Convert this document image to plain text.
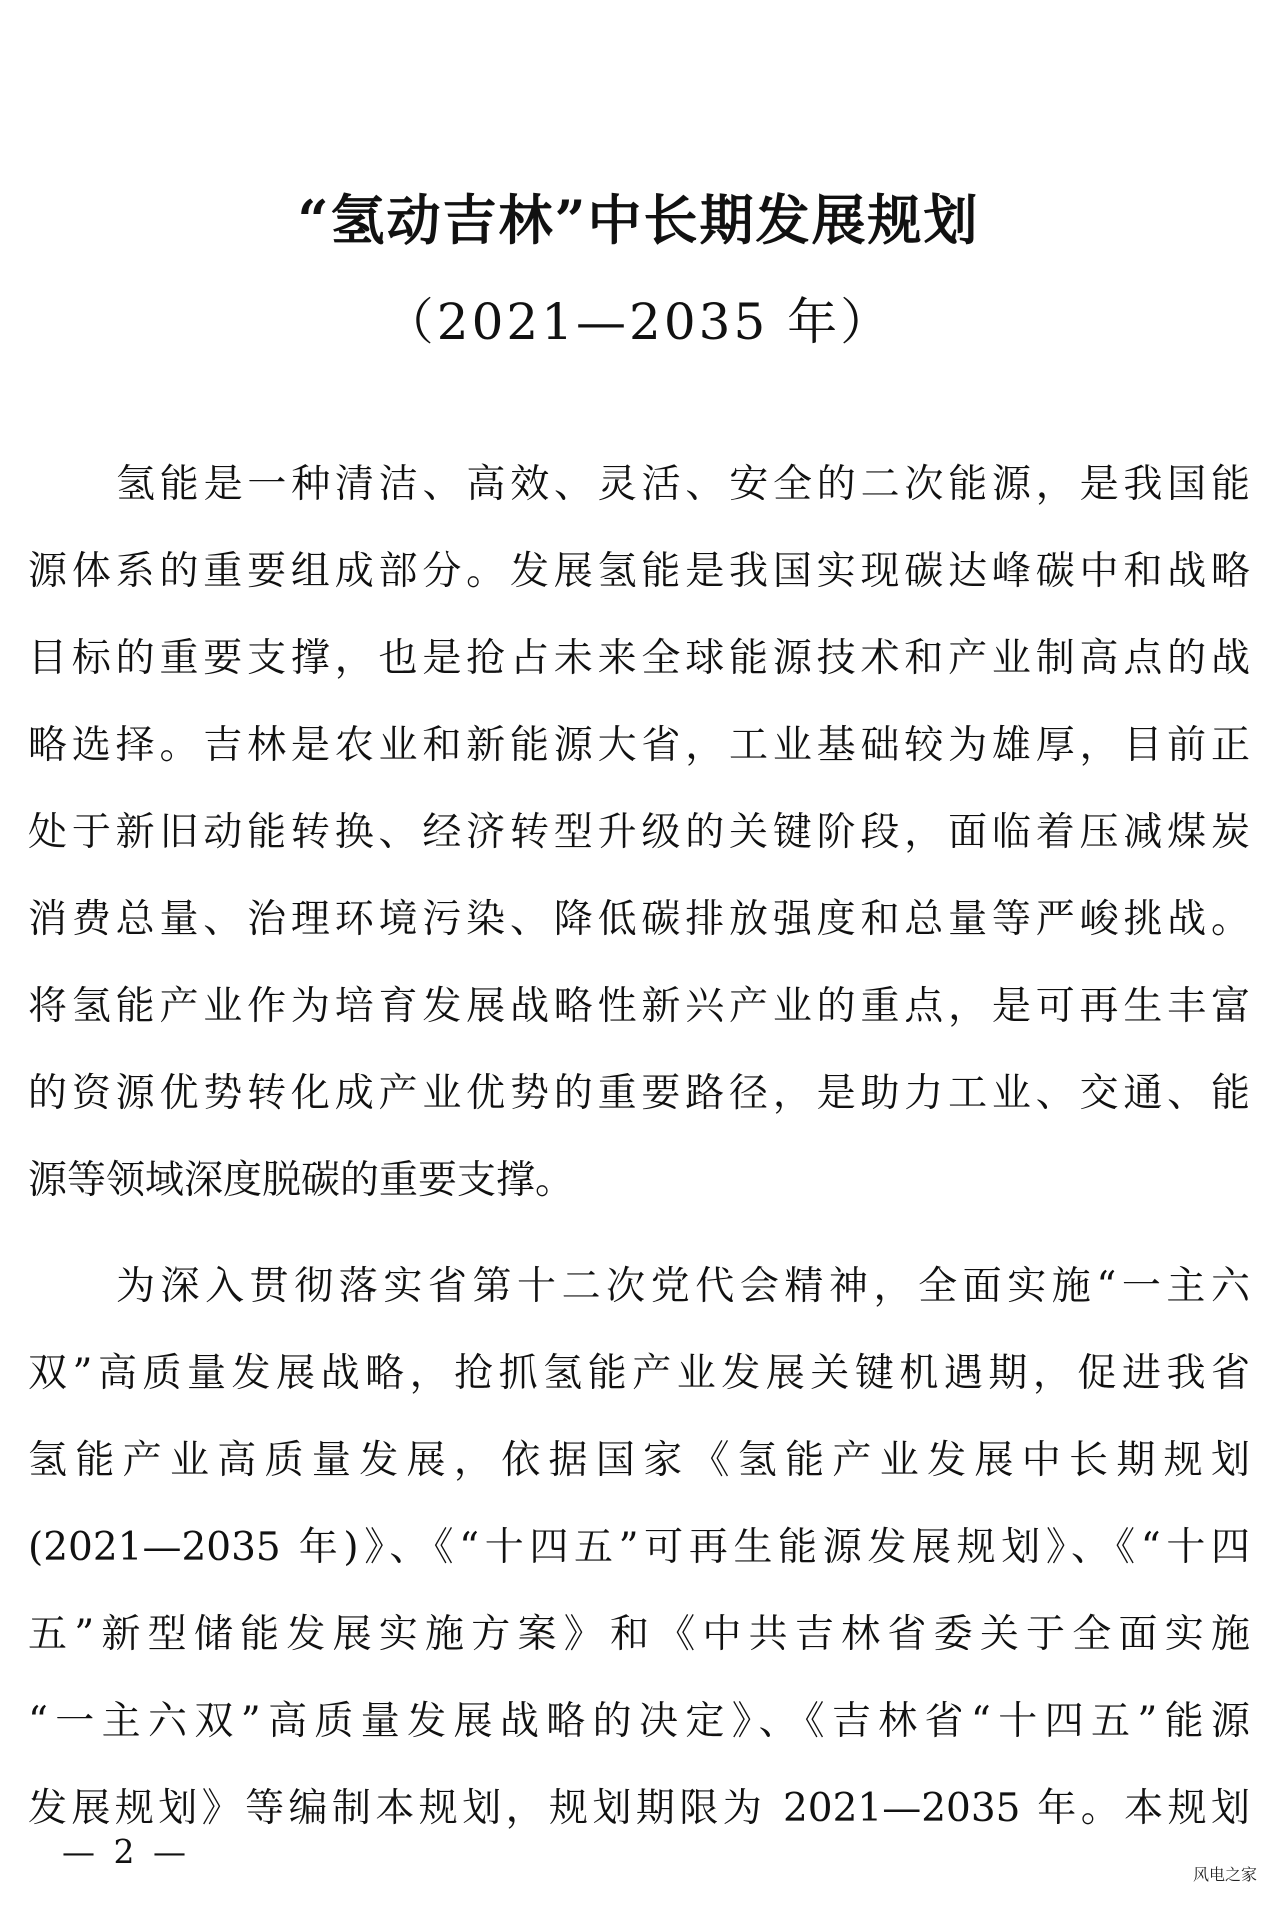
“氢动吉林”中长期发展规划
（2021—2035 年）
氢能是一种清洁、高效、灵活、安全的二次能源，是我国能
源体系的重要组成部分。发展氢能是我国实现碳达峰碳中和战略
目标的重要支撑，也是抢占未来全球能源技术和产业制高点的战
略选择。吉林是农业和新能源大省，工业基础较为雄厚，目前正
处于新旧动能转换、经济转型升级的关键阶段，面临着压减煤炭
消费总量、治理环境污染、降低碳排放强度和总量等严峻挑战。
将氢能产业作为培育发展战略性新兴产业的重点，是可再生丰富
的资源优势转化成产业优势的重要路径，是助力工业、交通、能
源等领域深度脱碳的重要支撑。
为深入贯彻落实省第十二次党代会精神，全面实施“一主六
双”高质量发展战略，抢抓氢能产业发展关键机遇期，促进我省
氢能产业高质量发展，依据国家《氢能产业发展中长期规划
(2021—2035 年)》、《“十四五”可再生能源发展规划》、《“十四
五”新型储能发展实施方案》和《中共吉林省委关于全面实施
“一主六双”高质量发展战略的决定》、《吉林省“十四五”能源
发展规划》等编制本规划，规划期限为 2021—2035 年。本规划
— 2 —
风电之家
